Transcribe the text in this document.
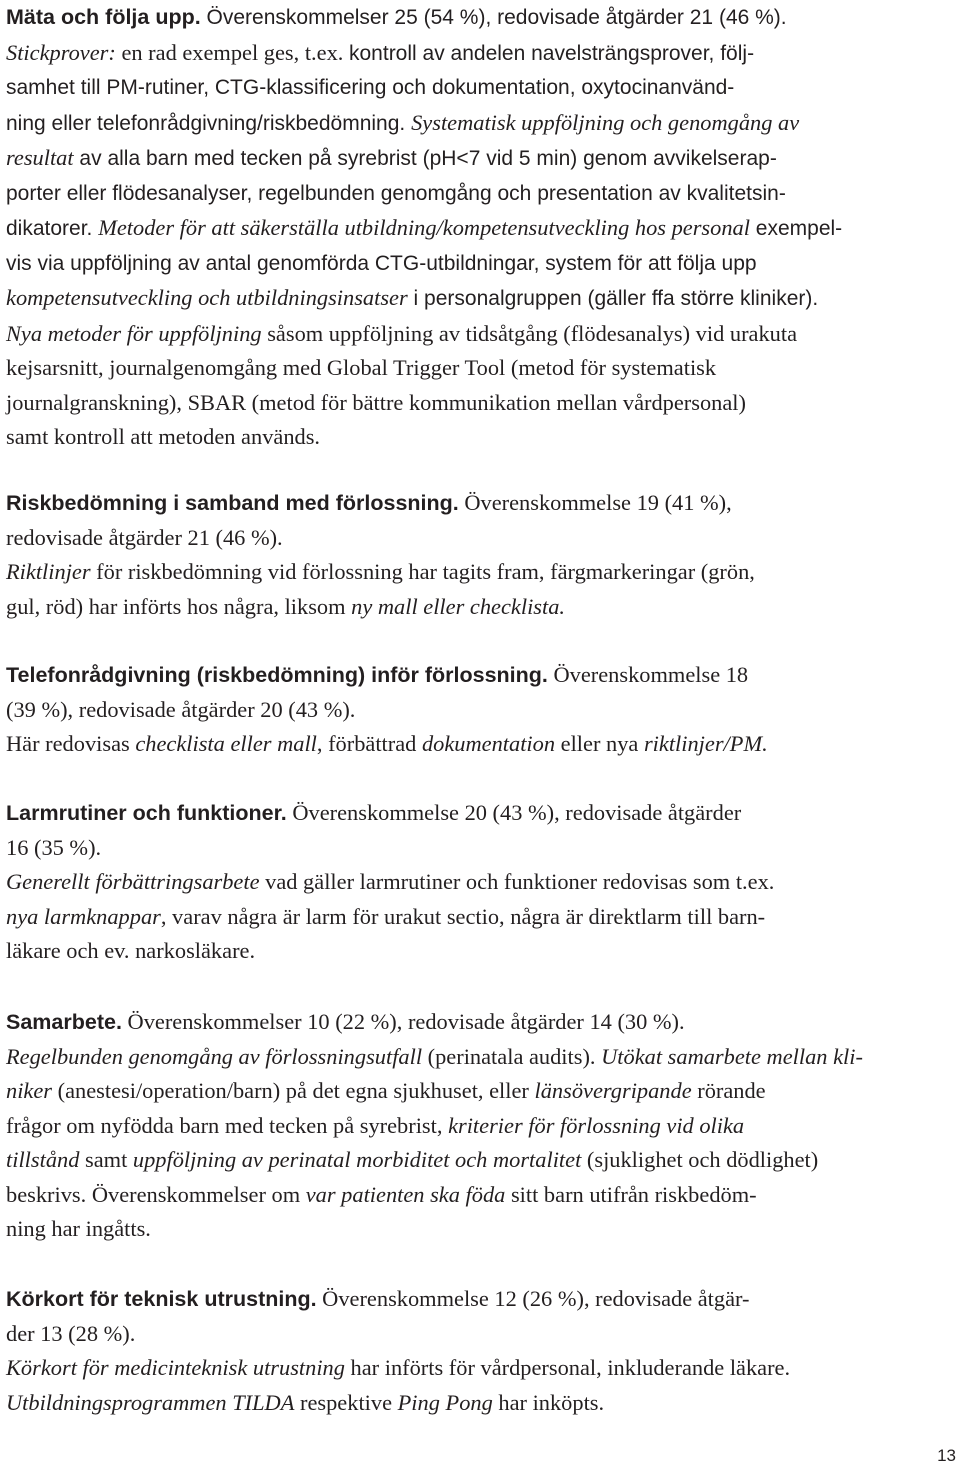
Mäta och följa upp. Överenskommelser 25 (54 %), redovisade åtgärder 21 (46 %).
Stickprover: en rad exempel ges, t.ex. kontroll av andelen navelsträngsprover, följ-
samhet till PM-rutiner, CTG-klassificering och dokumentation, oxytocinanvänd-
ning eller telefonrådgivning/riskbedömning. Systematisk uppföljning och genomgång av
resultat av alla barn med tecken på syrebrist (pH<7 vid 5 min) genom avvikelserap-
porter eller flödesanalyser, regelbunden genomgång och presentation av kvalitetsin-
dikatorer. Metoder för att säkerställa utbildning/kompetensutveckling hos personal exempel-
vis via uppföljning av antal genomförda CTG-utbildningar, system för att följa upp
kompetensutveckling och utbildningsinsatser i personalgruppen (gäller ffa större kliniker).
Nya metoder för uppföljning såsom uppföljning av tidsåtgång (flödesanalys) vid urakuta
kejsarsnitt, journalgenomgång med Global Trigger Tool (metod för systematisk
journalgranskning), SBAR (metod för bättre kommunikation mellan vårdpersonal)
samt kontroll att metoden används.
Riskbedömning i samband med förlossning. Överenskommelse 19 (41 %),
redovisade åtgärder 21 (46 %).
Riktlinjer för riskbedömning vid förlossning har tagits fram, färgmarkeringar (grön,
gul, röd) har införts hos några, liksom ny mall eller checklista.
Telefonrådgivning (riskbedömning) inför förlossning. Överenskommelse 18
(39 %), redovisade åtgärder 20 (43 %).
Här redovisas checklista eller mall, förbättrad dokumentation eller nya riktlinjer/PM.
Larmrutiner och funktioner. Överenskommelse 20 (43 %), redovisade åtgärder
16 (35 %).
Generellt förbättringsarbete vad gäller larmrutiner och funktioner redovisas som t.ex.
nya larmknappar, varav några är larm för urakut sectio, några är direktlarm till barn-
läkare och ev. narkosläkare.
Samarbete. Överenskommelser 10 (22 %), redovisade åtgärder 14 (30 %).
Regelbunden genomgång av förlossningsutfall (perinatala audits). Utökat samarbete mellan kli-
niker (anestesi/operation/barn) på det egna sjukhuset, eller länsövergripande rörande
frågor om nyfödda barn med tecken på syrebrist, kriterier för förlossning vid olika
tillstånd samt uppföljning av perinatal morbiditet och mortalitet (sjuklighet och dödlighet)
beskrivs. Överenskommelser om var patienten ska föda sitt barn utifrån riskbedöm-
ning har ingåtts.
Körkort för teknisk utrustning. Överenskommelse 12 (26 %), redovisade åtgär-
der 13 (28 %).
Körkort för medicinteknisk utrustning har införts för vårdpersonal, inkluderande läkare.
Utbildningsprogrammen TILDA respektive Ping Pong har inköpts.
13
